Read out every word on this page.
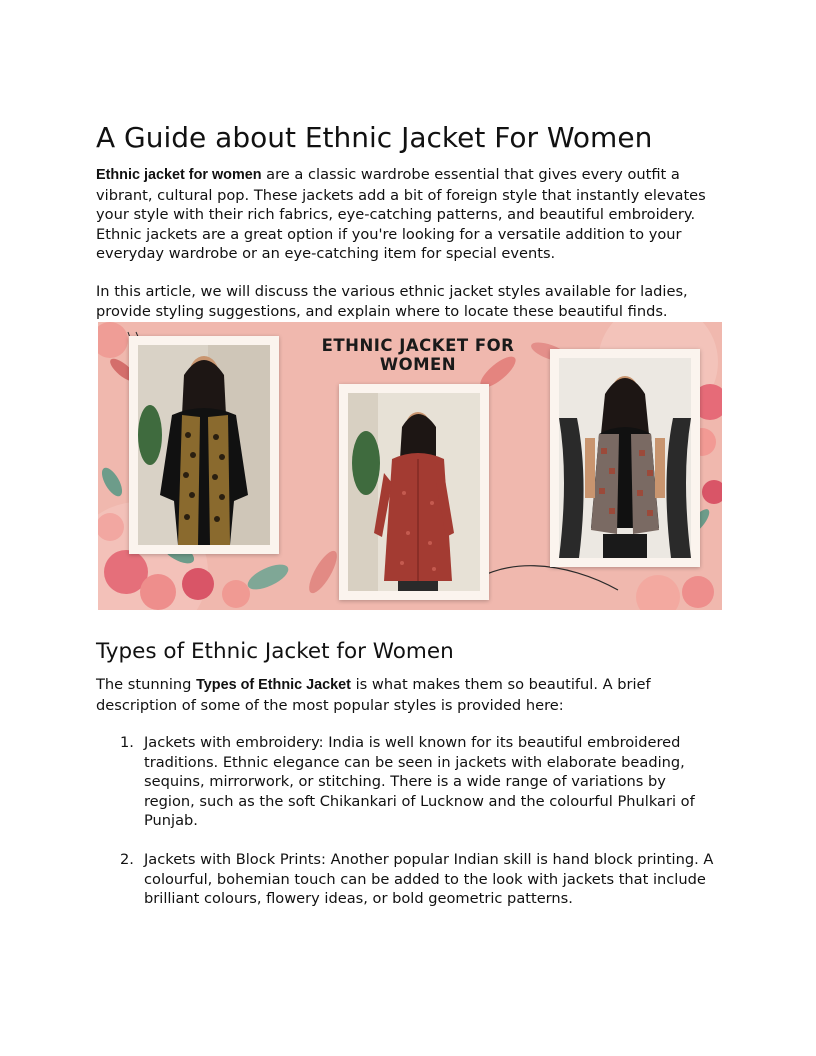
A Guide about Ethnic Jacket For Women

Ethnic jacket for women are a classic wardrobe essential that gives every outfit a
vibrant, cultural pop. These jackets add a bit of foreign style that instantly elevates
your style with their rich fabrics, eye-catching patterns, and beautiful embroidery.
Ethnic jackets are a great option if you're looking for a versatile addition to your
everyday wardrobe or an eye-catching item for special events.

In this article, we will discuss the various ethnic jacket styles available for ladies,
provide styling suggestions, and explain where to locate these beautiful finds.

ETHNIC JACKET FOR WOMEN
Types of Ethnic Jacket for Women

The stunning Types of Ethnic Jacket is what makes them so beautiful. A brief
description of some of the most popular styles is provided here:

1. Jackets with embroidery: India is well known for its beautiful embroidered
traditions. Ethnic elegance can be seen in jackets with elaborate beading,
sequins, mirrorwork, or stitching. There is a wide range of variations by
region, such as the soft Chikankari of Lucknow and the colourful Phulkari of
Punjab.
2. Jackets with Block Prints: Another popular Indian skill is hand block printing. A
colourful, bohemian touch can be added to the look with jackets that include
brilliant colours, flowery ideas, or bold geometric patterns.
